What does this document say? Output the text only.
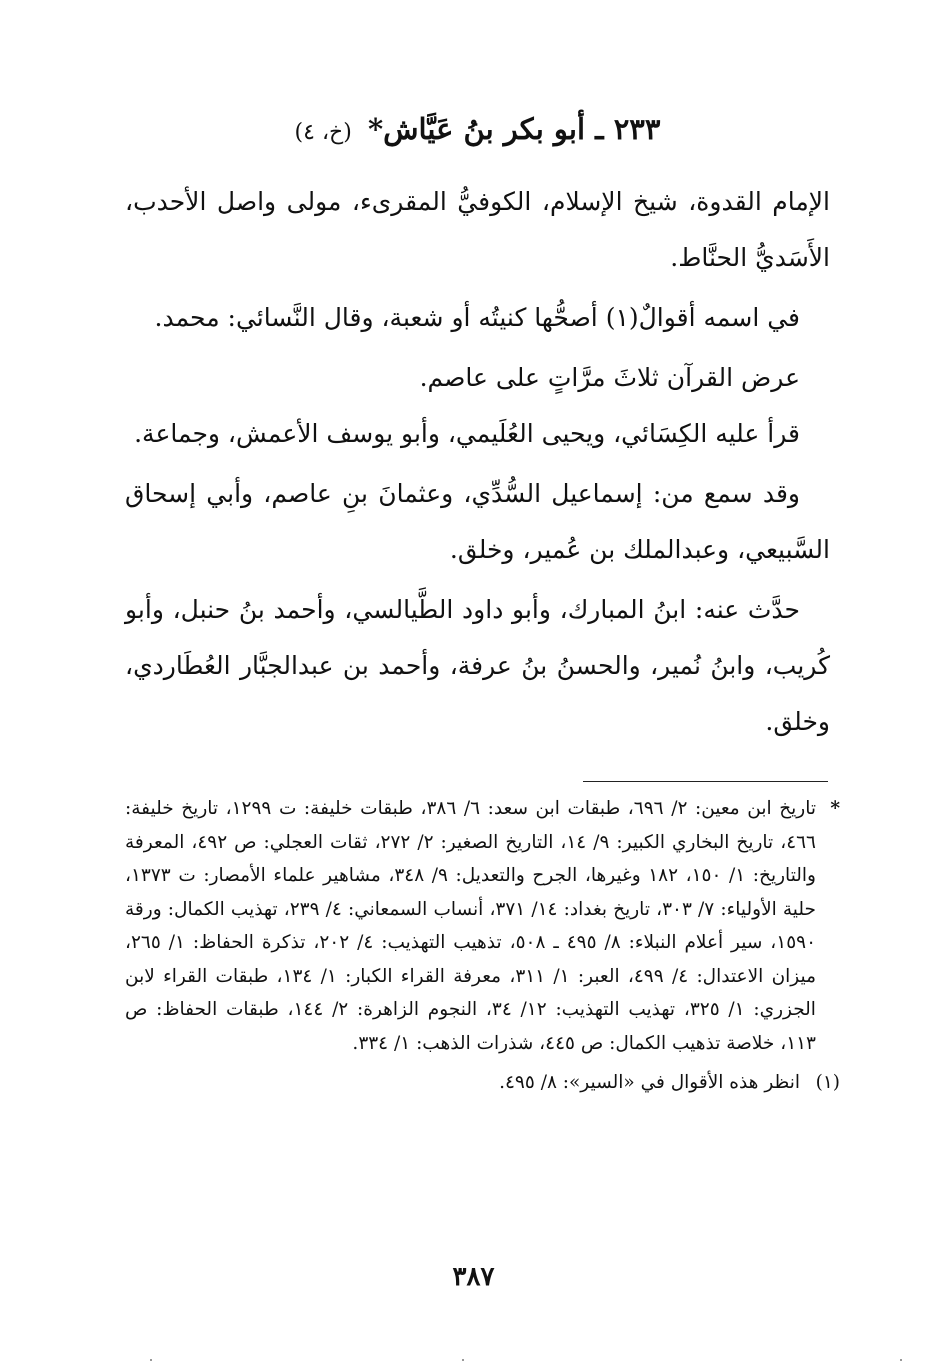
٢٣٣ ـ أبو بكر بنُ عَيَّاش* (خ، ٤)

الإمام القدوة، شيخ الإسلام، الكوفيُّ المقرىء، مولى واصل الأحدب، الأَسَديُّ الحنَّاط.

في اسمه أقوالٌ(١) أصحُّها كنيتُه أو شعبة، وقال النَّسائي: محمد.

عرض القرآن ثلاثَ مرَّاتٍ على عاصم.

قرأ عليه الكِسَائي، ويحيى العُلَيمي، وأبو يوسف الأعمش، وجماعة.

وقد سمع من: إسماعيل السُّدِّي، وعثمانَ بنِ عاصم، وأبي إسحاق السَّبيعي، وعبدالملك بن عُمير، وخلق.

حدَّث عنه: ابنُ المبارك، وأبو داود الطَّيالسي، وأحمد بنُ حنبل، وأبو كُريب، وابنُ نُمير، والحسنُ بنُ عرفة، وأحمد بن عبدالجبَّار العُطَاردي، وخلق.

*
تاريخ ابن معين: ٢/ ٦٩٦، طبقات ابن سعد: ٦/ ٣٨٦، طبقات خليفة: ت ١٢٩٩، تاريخ خليفة: ٤٦٦، تاريخ البخاري الكبير: ٩/ ١٤، التاريخ الصغير: ٢/ ٢٧٢، ثقات العجلي: ص ٤٩٢، المعرفة والتاريخ: ١/ ١٥٠، ١٨٢ وغيرها، الجرح والتعديل: ٩/ ٣٤٨، مشاهير علماء الأمصار: ت ١٣٧٣، حلية الأولياء: ٧/ ٣٠٣، تاريخ بغداد: ١٤/ ٣٧١، أنساب السمعاني: ٤/ ٢٣٩، تهذيب الكمال: ورقة ١٥٩٠، سير أعلام النبلاء: ٨/ ٤٩٥ ـ ٥٠٨، تذهيب التهذيب: ٤/ ٢٠٢، تذكرة الحفاظ: ١/ ٢٦٥، ميزان الاعتدال: ٤/ ٤٩٩، العبر: ١/ ٣١١، معرفة القراء الكبار: ١/ ١٣٤، طبقات القراء لابن الجزري: ١/ ٣٢٥، تهذيب التهذيب: ١٢/ ٣٤، النجوم الزاهرة: ٢/ ١٤٤، طبقات الحفاظ: ص ١١٣، خلاصة تذهيب الكمال: ص ٤٤٥، شذرات الذهب: ١/ ٣٣٤.

(١)
انظر هذه الأقوال في «السير»: ٨/ ٤٩٥.

٣٨٧
